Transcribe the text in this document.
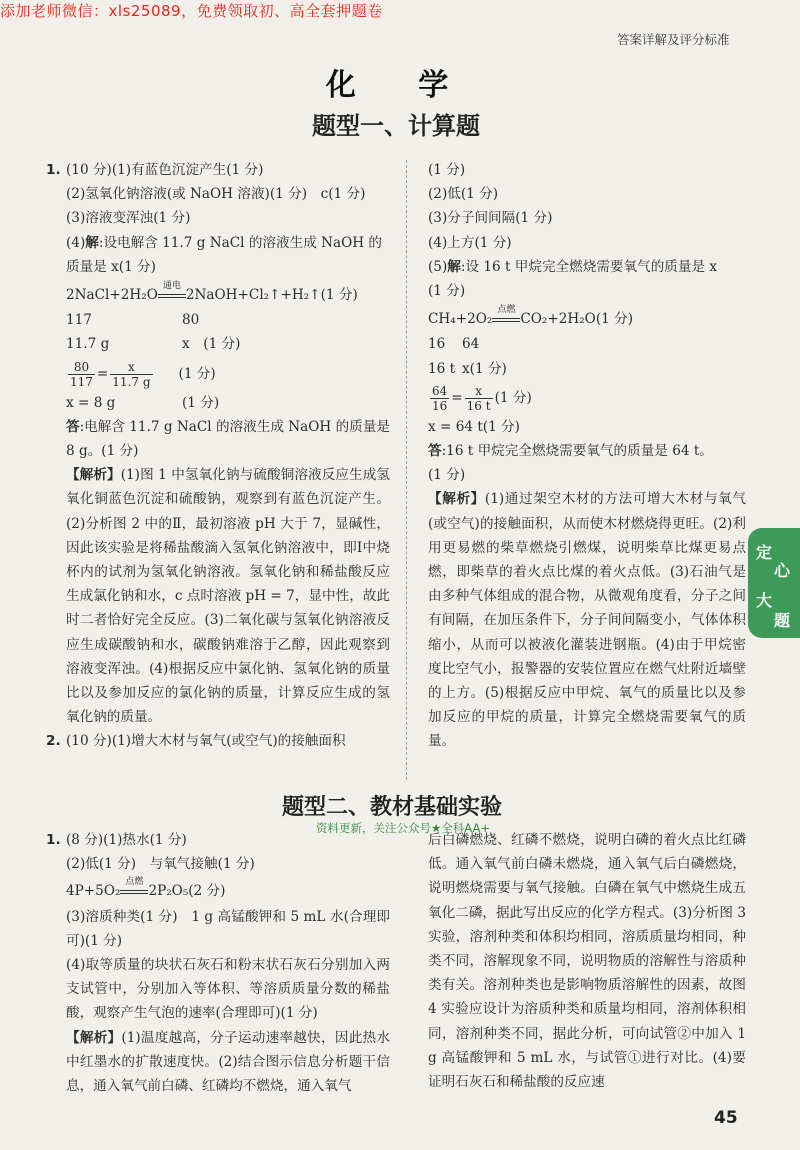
添加老师微信：xls25089，免费领取初、高全套押题卷
答案详解及评分标准
化 学
题型一、计算题
1. (10 分)(1)有蓝色沉淀产生(1 分)
(2)氢氧化钠溶液(或 NaOH 溶液)(1 分)　c(1 分)
(3)溶液变浑浊(1 分)
(4)解:设电解含 11.7 g NaCl 的溶液生成 NaOH 的
质量是 x(1 分)
2NaCl+2H₂O
通电
2NaOH+Cl₂↑+H₂↑(1 分)
117	80
11.7 g	x　(1 分)
$\frac{80}{117} = \frac{x}{11.7 g} (1$ 分)
x = 8 g	(1 分)
答:电解含 11.7 g NaCl 的溶液生成 NaOH 的质量是
8 g。(1 分)
【解析】(1)图 1 中氢氧化钠与硫酸铜溶液反应生成氢氧化铜蓝色沉淀和硫酸钠，观察到有蓝色沉淀产生。(2)分析图 2 中的Ⅱ，最初溶液 pH 大于 7，显碱性，因此该实验是将稀盐酸滴入氢氧化钠溶液中，即Ⅰ中烧杯内的试剂为氢氧化钠溶液。氢氧化钠和稀盐酸反应生成氯化钠和水，c 点时溶液 pH = 7，显中性，故此时二者恰好完全反应。(3)二氧化碳与氢氧化钠溶液反应生成碳酸钠和水，碳酸钠难溶于乙醇，因此观察到溶液变浑浊。(4)根据反应中氯化钠、氢氧化钠的质量比以及参加反应的氯化钠的质量，计算反应生成的氢氧化钠的质量。
2. (10 分)(1)增大木材与氧气(或空气)的接触面积
(1 分)
(2)低(1 分)
(3)分子间间隔(1 分)
(4)上方(1 分)
(5)解:设 16 t 甲烷完全燃烧需要氧气的质量是 x
(1 分)
CH₄+2O₂
点燃
CO₂+2H₂O(1 分)
16 64
16 t x(1 分)
$\frac{64}{16} = \frac{x}{16 t} (1$ 分)
x = 64 t(1 分)
答:16 t 甲烷完全燃烧需要氧气的质量是 64 t。
(1 分)
【解析】(1)通过架空木材的方法可增大木材与氧气(或空气)的接触面积，从而使木材燃烧得更旺。(2)利用更易燃的柴草燃烧引燃煤，说明柴草比煤更易点燃，即柴草的着火点比煤的着火点低。(3)石油气是由多种气体组成的混合物，从微观角度看，分子之间有间隔，在加压条件下，分子间间隔变小，气体体积缩小，从而可以被液化灌装进钢瓶。(4)由于甲烷密度比空气小，报警器的安装位置应在燃气灶附近墙壁的上方。(5)根据反应中甲烷、氧气的质量比以及参加反应的甲烷的质量，计算完全燃烧需要氧气的质量。
题型二、教材基础实验
资料更新，关注公众号★全科AA+
1. (8 分)(1)热水(1 分)
(2)低(1 分)　与氧气接触(1 分)
4P+5O₂
点燃
2P₂O₅(2 分)
(3)溶质种类(1 分)　1 g 高锰酸钾和 5 mL 水(合理即可)(1 分)
(4)取等质量的块状石灰石和粉末状石灰石分别加入两支试管中，分别加入等体积、等溶质质量分数的稀盐酸，观察产生气泡的速率(合理即可)(1 分)
【解析】(1)温度越高，分子运动速率越快，因此热水中红墨水的扩散速度快。(2)结合图示信息分析题干信息，通入氧气前白磷、红磷均不燃烧，通入氧气
后白磷燃烧、红磷不燃烧，说明白磷的着火点比红磷低。通入氧气前白磷未燃烧，通入氧气后白磷燃烧，说明燃烧需要与氧气接触。白磷在氧气中燃烧生成五氧化二磷，据此写出反应的化学方程式。(3)分析图 3 实验，溶剂种类和体积均相同，溶质质量均相同，种类不同，溶解现象不同，说明物质的溶解性与溶质种类有关。溶剂种类也是影响物质溶解性的因素，故图 4 实验应设计为溶质种类和质量均相同，溶剂体积相同，溶剂种类不同，据此分析，可向试管②中加入 1 g 高锰酸钾和 5 mL 水，与试管①进行对比。(4)要证明石灰石和稀盐酸的反应速
定
心
大
题
45
